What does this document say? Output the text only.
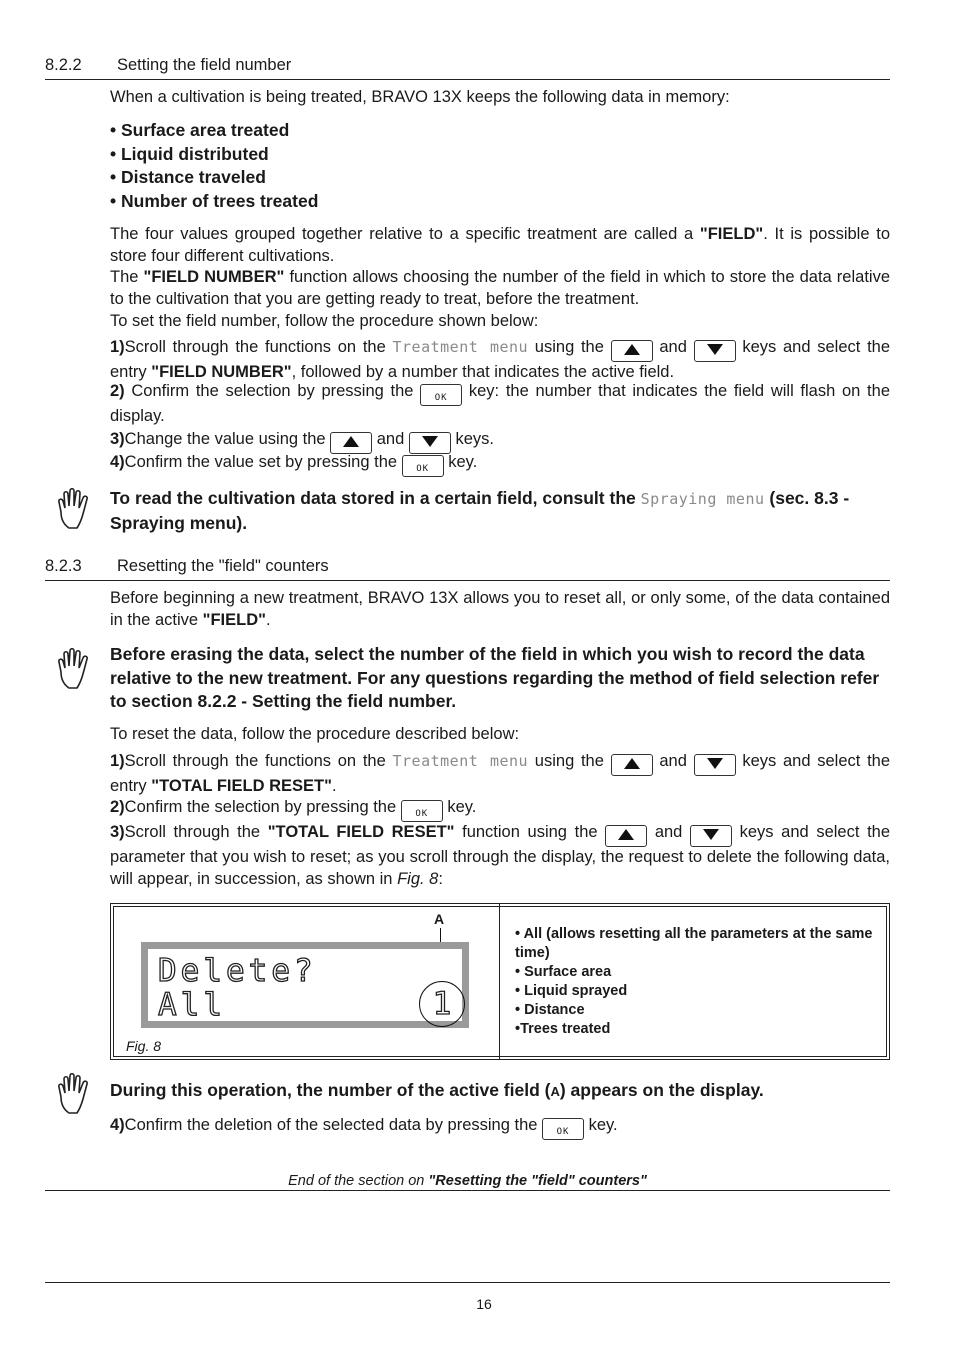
8.2.2 Setting the field number
When a cultivation is being treated, BRAVO 13X keeps the following data in memory:
• Surface area treated
• Liquid distributed
• Distance traveled
• Number of trees treated
The four values grouped together relative to a specific treatment are called a "FIELD". It is possible to store four different cultivations.
The "FIELD NUMBER" function allows choosing the number of the field in which to store the data relative to the cultivation that you are getting ready to treat, before the treatment.
To set the field number, follow the procedure shown below:
1)Scroll through the functions on the Treatment menu using the	and	keys and select the entry "FIELD NUMBER", followed by a number that indicates the active field.
2) Confirm the selection by pressing the OK key: the number that indicates the field will flash on the display.
3)Change the value using the	and	keys.
4)Confirm the value set by pressing the OK key.
To read the cultivation data stored in a certain field, consult the Spraying menu (sec. 8.3 - Spraying menu).
8.2.3 Resetting the "field" counters
Before beginning a new treatment, BRAVO 13X allows you to reset all, or only some, of the data contained in the active "FIELD".
Before erasing the data, select the number of the field in which you wish to record the data relative to the new treatment. For any questions regarding the method of field selection refer to section 8.2.2 - Setting the field number.
To reset the data, follow the procedure described below:
1)Scroll through the functions on the Treatment menu using the	and	keys and select the entry "TOTAL FIELD RESET".
2)Confirm the selection by pressing the OK key.
3)Scroll through the "TOTAL FIELD RESET" function using the	and	keys and select the parameter that you wish to reset; as you scroll through the display, the request to delete the following data, will appear, in succession, as shown in Fig. 8:
A
Delete?
All	1
Fig. 8
• All (allows resetting all the parameters at the same time)
• Surface area
• Liquid sprayed
• Distance
•Trees treated
During this operation, the number of the active field (A) appears on the display.
4)Confirm the deletion of the selected data by pressing the OK key.
End of the section on "Resetting the "field" counters"
16
